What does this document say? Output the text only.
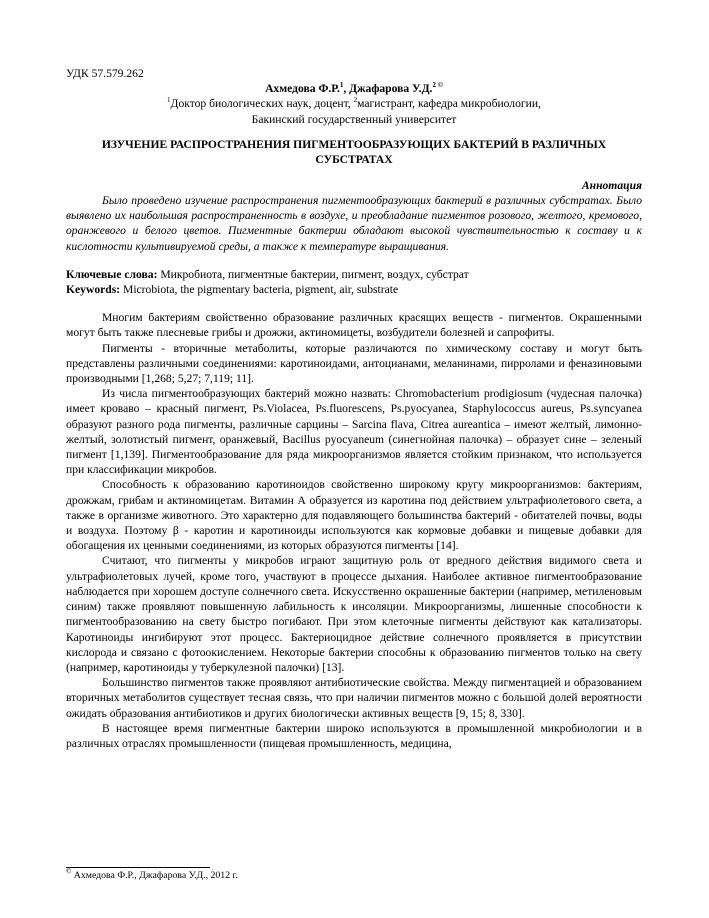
УДК 57.579.262

Ахмедова Ф.Р.$^1$, Джафарова У.Д.$^{2 ©}$

$^1$Доктор биологических наук, доцент, $^2$магистрант, кафедра микробиологии,

Бакинский государственный университет

ИЗУЧЕНИЕ РАСПРОСТРАНЕНИЯ ПИГМЕНТООБРАЗУЮЩИХ БАКТЕРИЙ В РАЗЛИЧНЫХ СУБСТРАТАХ

Аннотация

Было проведено изучение распространения пигментообразующих бактерий в различных субстратах. Было выявлено их наибольшая распространенность в воздухе, и преобладание пигментов розового, желтого, кремового, оранжевого и белого цветов. Пигментные бактерии обладают высокой чувствительностью к составу и к кислотности культивируемой среды, а также к температуре выращивания.

Ключевые слова: Микробиота, пигментные бактерии, пигмент, воздух, субстрат

Keywords: Microbiota, the pigmentary bacteria, pigment, air, substrate

Многим бактериям свойственно образование различных красящих веществ - пигментов. Окрашенными могут быть также плесневые грибы и дрожжи, актиномицеты, возбудители болезней и сапрофиты.

Пигменты - вторичные метаболиты, которые различаются по химическому составу и могут быть представлены различными соединениями: каротиноидами, антоцианами, меланинами, пирролами и феназиновыми производными [1,268; 5,27; 7,119; 11].

Из числа пигментообразующих бактерий можно назвать: Chromobacterium prodigiosum (чудесная палочка) имеет кроваво – красный пигмент, Ps.Violacea, Ps.fluorescens, Ps.pyocyanea, Staphylococcus aureus, Ps.syncyanea образуют разного рода пигменты, различные сарцины – Sarcina flava, Citrea aureantica – имеют желтый, лимонно-желтый, золотистый пигмент, оранжевый, Bacillus pyocyaneum (синегнойная палочка) – образует сине – зеленый пигмент [1,139]. Пигментообразование для ряда микроорганизмов является стойким признаком, что используется при классификации микробов.

Способность к образованию каротиноидов свойственно широкому кругу микроорганизмов: бактериям, дрожжам, грибам и актиномицетам. Витамин А образуется из каротина под действием ультрафиолетового света, а также в организме животного. Это характерно для подавляющего большинства бактерий - обитателей почвы, воды и воздуха. Поэтому β - каротин и каротиноиды используются как кормовые добавки и пищевые добавки для обогащения их ценными соединениями, из которых образуются пигменты [14].

Считают, что пигменты у микробов играют защитную роль от вредного действия видимого света и ультрафиолетовых лучей, кроме того, участвуют в процессе дыхания. Наиболее активное пигментообразование наблюдается при хорошем доступе солнечного света. Искусственно окрашенные бактерии (например, метиленовым синим) также проявляют повышенную лабильность к инсоляции. Микроорганизмы, лишенные способности к пигментообразованию на свету быстро погибают. При этом клеточные пигменты действуют как катализаторы. Каротиноиды ингибируют этот процесс. Бактериоцидное действие солнечного проявляется в присутствии кислорода и связано с фотоокислением. Некоторые бактерии способны к образованию пигментов только на свету (например, каротиноиды у туберкулезной палочки) [13].

Большинство пигментов также проявляют антибиотические свойства. Между пигментацией и образованием вторичных метаболитов существует тесная связь, что при наличии пигментов можно с большой долей вероятности ожидать образования антибиотиков и других биологически активных веществ [9, 15; 8, 330].

В настоящее время пигментные бактерии широко используются в промышленной микробиологии и в различных отраслях промышленности (пищевая промышленность, медицина,

© Ахмедова Ф.Р., Джафарова У.Д., 2012 г.
